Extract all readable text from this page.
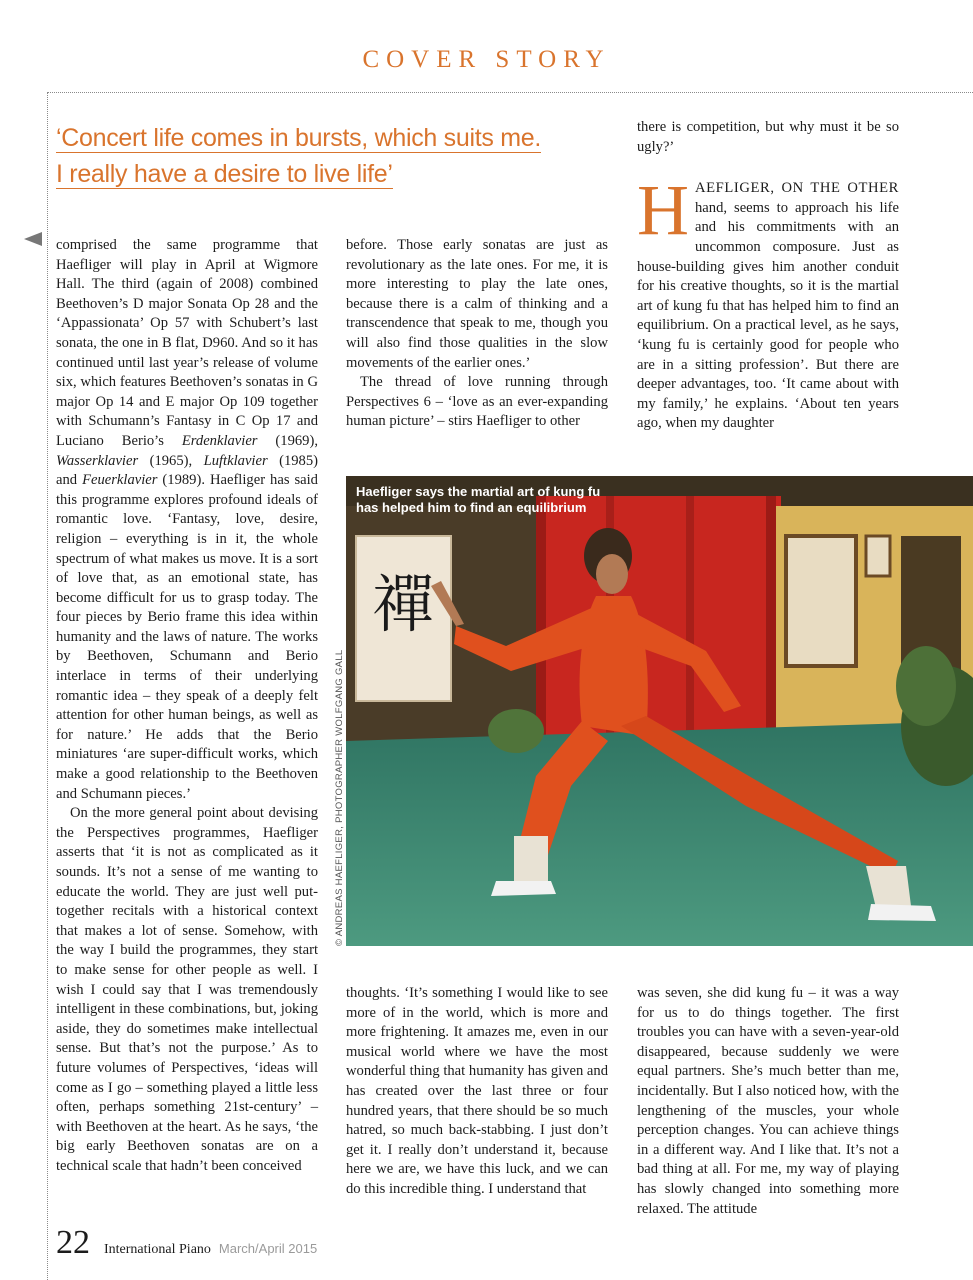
COVER STORY
‘Concert life comes in bursts, which suits me.
I really have a desire to live life’

comprised the same programme that Haefliger will play in April at Wigmore Hall. The third (again of 2008) combined Beethoven’s D major Sonata Op 28 and the ‘Appassionata’ Op 57 with Schubert’s last sonata, the one in B flat, D960. And so it has continued until last year’s release of volume six, which features Beethoven’s sonatas in G major Op 14 and E major Op 109 together with Schumann’s Fantasy in C Op 17 and Luciano Berio’s Erdenklavier (1969), Wasserklavier (1965), Luftklavier (1985) and Feuerklavier (1989). Haefliger has said this programme explores profound ideals of romantic love. ‘Fantasy, love, desire, religion – everything is in it, the whole spectrum of what makes us move. It is a sort of love that, as an emotional state, has become difficult for us to grasp today. The four pieces by Berio frame this idea within humanity and the laws of nature. The works by Beethoven, Schumann and Berio interlace in terms of their underlying romantic idea – they speak of a deeply felt attention for other human beings, as well as for nature.’ He adds that the Berio miniatures ‘are super-difficult works, which make a good relationship to the Beethoven and Schumann pieces.’

On the more general point about devising the Perspectives programmes, Haefliger asserts that ‘it is not as complicated as it sounds. It’s not a sense of me wanting to educate the world. They are just well put-together recitals with a historical context that makes a lot of sense. Somehow, with the way I build the programmes, they start to make sense for other people as well. I wish I could say that I was tremendously intelligent in these combinations, but, joking aside, they do sometimes make intellectual sense. But that’s not the purpose.’ As to future volumes of Perspectives, ‘ideas will come as I go – something played a little less often, perhaps something 21st-century’ – with Beethoven at the heart. As he says, ‘the big early Beethoven sonatas are on a technical scale that hadn’t been conceived

before. Those early sonatas are just as revolutionary as the late ones. For me, it is more interesting to play the late ones, because there is a calm of thinking and a transcendence that speak to me, though you will also find those qualities in the slow movements of the earlier ones.’

The thread of love running through Perspectives 6 – ‘love as an ever-expanding human picture’ – stirs Haefliger to other

there is competition, but why must it be so ugly?’

HAEFLIGER, ON THE OTHER hand, seems to approach his life and his commitments with an uncommon composure. Just as house-building gives him another conduit for his creative thoughts, so it is the martial art of kung fu that has helped him to find an equilibrium. On a practical level, as he says, ‘kung fu is certainly good for people who are in a sitting profession’. But there are deeper advantages, too. ‘It came about with my family,’ he explains. ‘About ten years ago, when my daughter

禪
Haefliger says the martial art of kung fu has helped him to find an equilibrium
© ANDREAS HAEFLIGER, PHOTOGRAPHER WOLFGANG GALL

thoughts. ‘It’s something I would like to see more of in the world, which is more and more frightening. It amazes me, even in our musical world where we have the most wonderful thing that humanity has given and has created over the last three or four hundred years, that there should be so much hatred, so much back-stabbing. I just don’t get it. I really don’t understand it, because here we are, we have this luck, and we can do this incredible thing. I understand that

was seven, she did kung fu – it was a way for us to do things together. The first troubles you can have with a seven-year-old disappeared, because suddenly we were equal partners. She’s much better than me, incidentally. But I also noticed how, with the lengthening of the muscles, your whole perception changes. You can achieve things in a different way. And I like that. It’s not a bad thing at all. For me, my way of playing has slowly changed into something more relaxed. The attitude

22 International Piano March/April 2015
